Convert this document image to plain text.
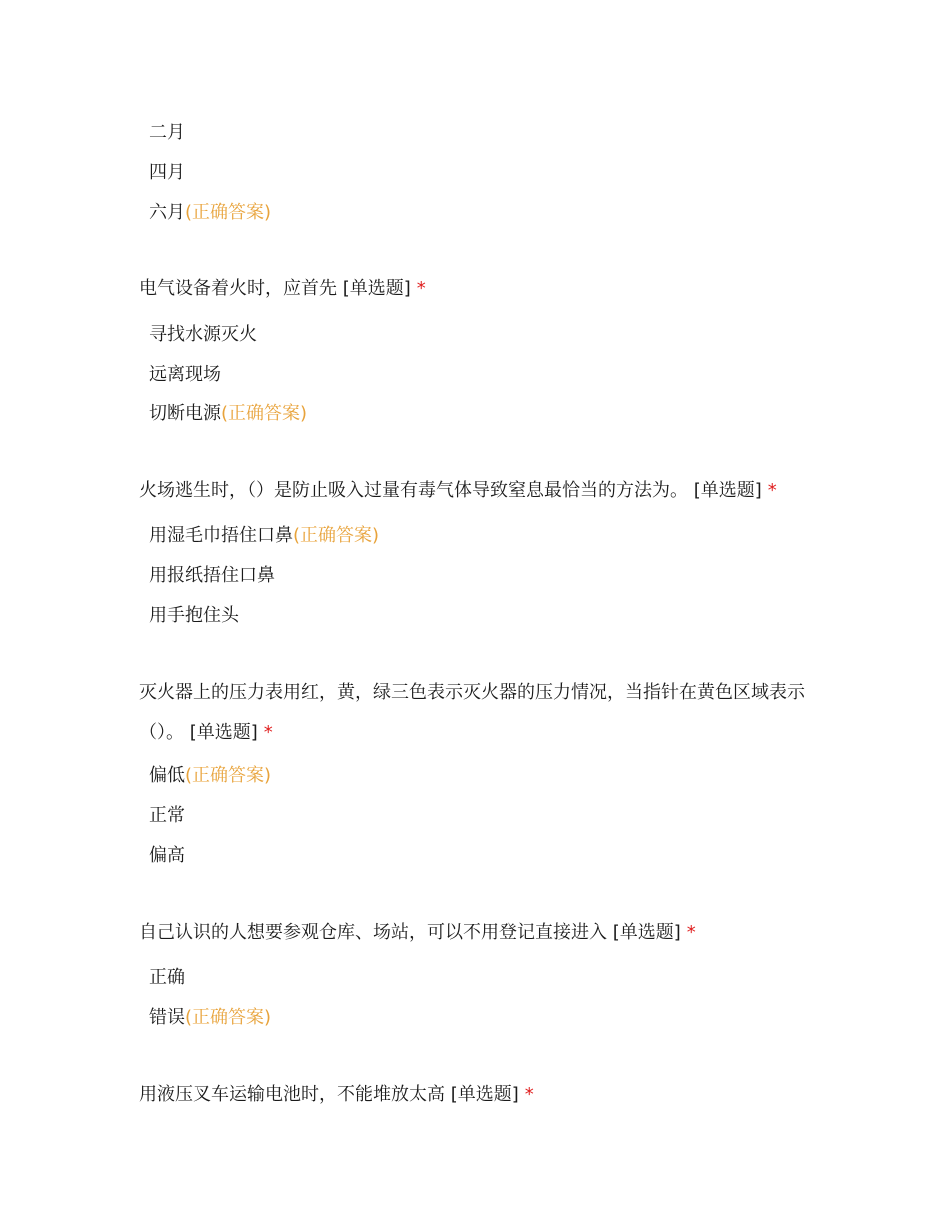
二月
四月
六月(正确答案)
电气设备着火时，应首先 [单选题] *
寻找水源灭火
远离现场
切断电源(正确答案)
火场逃生时，（）是防止吸入过量有毒气体导致窒息最恰当的方法为。 [单选题] *
用湿毛巾捂住口鼻(正确答案)
用报纸捂住口鼻
用手抱住头
灭火器上的压力表用红，黄，绿三色表示灭火器的压力情况，当指针在黄色区域表示（）。 [单选题] *
偏低(正确答案)
正常
偏高
自己认识的人想要参观仓库、场站，可以不用登记直接进入 [单选题] *
正确
错误(正确答案)
用液压叉车运输电池时，不能堆放太高 [单选题] *
